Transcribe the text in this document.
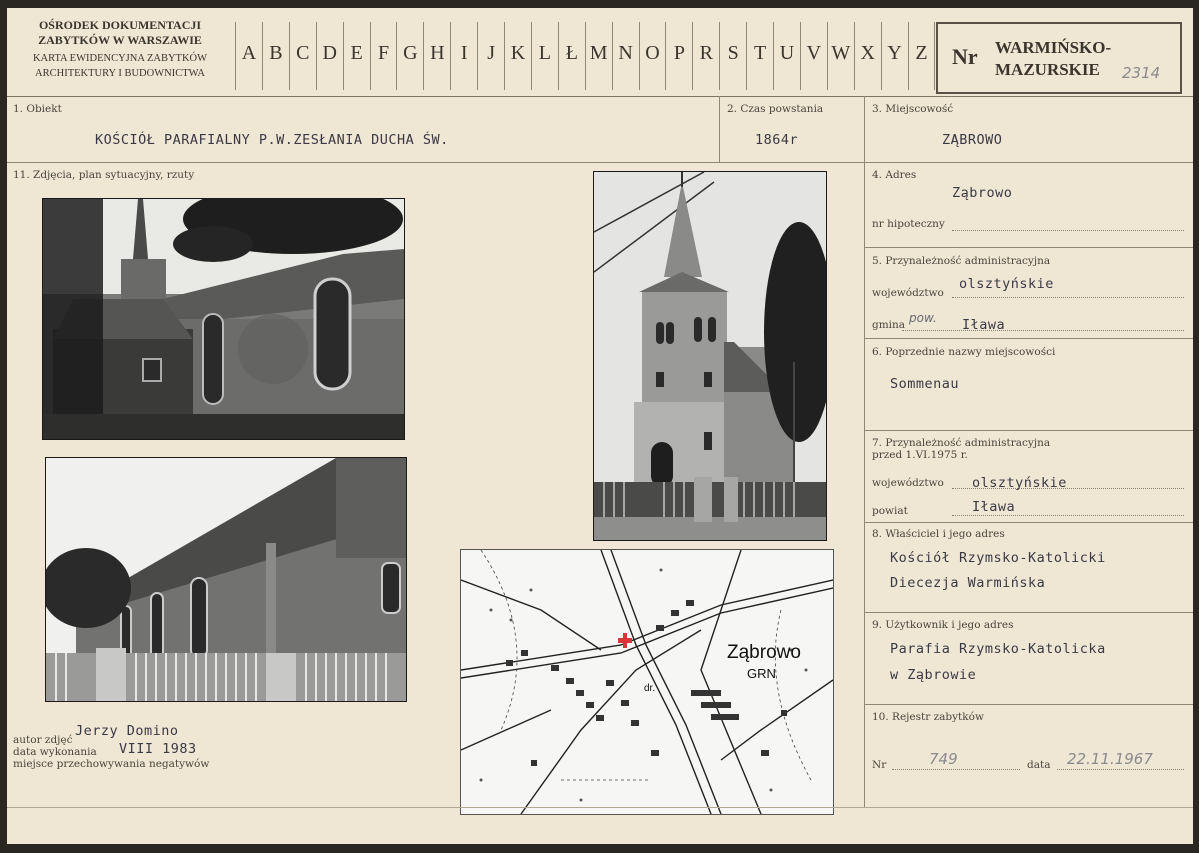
OŚRODEK DOKUMENTACJI
ZABYTKÓW W WARSZAWIE
KARTA EWIDENCYJNA ZABYTKÓW
ARCHITEKTURY I BUDOWNICTWA
A B C D E F G H I J K L Ł M N O P R S T U V W X Y Z	Nr WARMIŃSKO-
MAZURSKIE 2314
1. Obiekt
KOŚCIÓŁ PARAFIALNY P.W.ZESŁANIA DUCHA ŚW.
2. Czas powstania
1864r
3. Miejscowość
ZĄBROWO
11. Zdjęcia, plan sytuacyjny, rzuty
Ząbrowo
GRN
dr.
autor zdjęć
Jerzy Domino
data wykonania VIII 1983
miejsce przechowywania negatywów
4. Adres
Ząbrowo
nr hipoteczny
5. Przynależność administracyjna
województwo
olsztyńskie
gmina pow. Iława
6. Poprzednie nazwy miejscowości
Sommenau
7. Przynależność administracyjna
przed 1.VI.1975 r.
województwo olsztyńskie
powiat	Iława
8. Właściciel i jego adres
Kościół Rzymsko-Katolicki
Diecezja Warmińska
9. Użytkownik i jego adres
Parafia Rzymsko-Katolicka
w Ząbrowie
10. Rejestr zabytków
Nr	749	data 22.11.1967
